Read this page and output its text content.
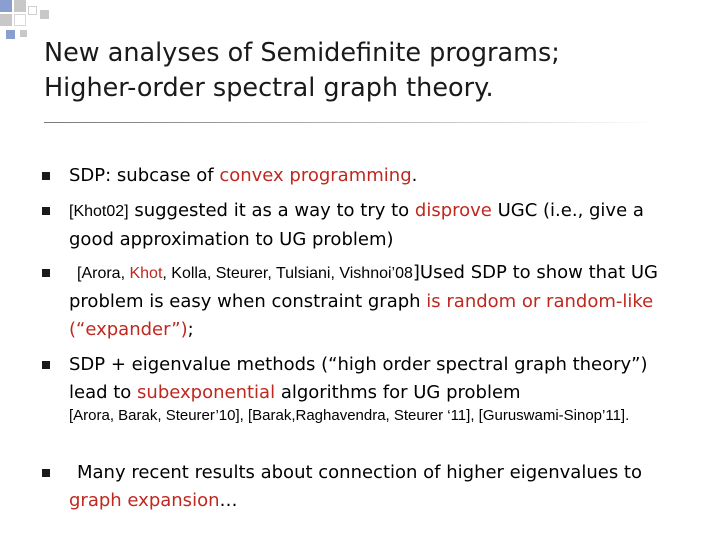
New analyses of Semidefinite programs;
Higher-order spectral graph theory.
SDP: subcase of convex programming.
[Khot02] suggested it as a way to try to disprove UGC (i.e., give a good approximation to UG problem)
[Arora, Khot, Kolla, Steurer, Tulsiani, Vishnoi’08]Used SDP to show that UG problem is easy when constraint graph is random or random-like (“expander”);
SDP + eigenvalue methods (“high order spectral graph theory”) lead to subexponential algorithms for UG problem
[Arora, Barak, Steurer’10], [Barak,Raghavendra, Steurer ‘11], [Guruswami-Sinop’11].
Many recent results about connection of higher eigenvalues to graph expansion…
